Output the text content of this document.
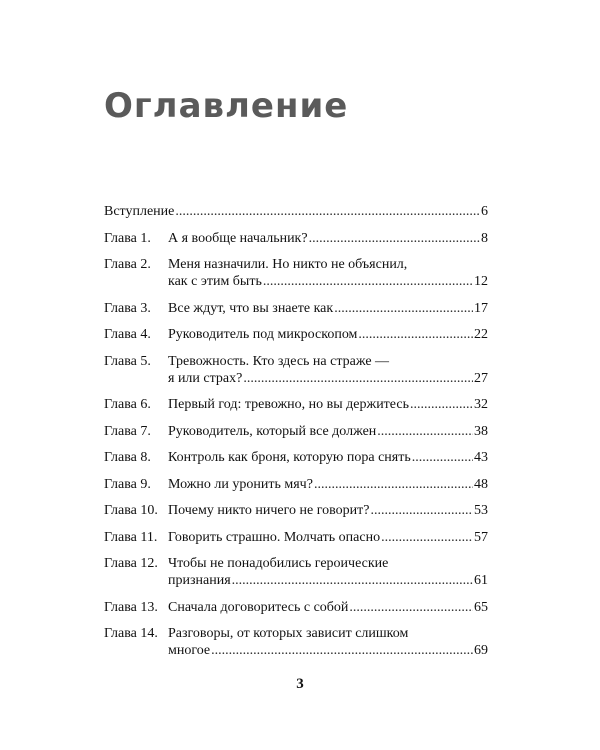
Оглавление
Вступление .....	6
Глава 1.	А я вообще начальник? .....	8
Глава 2.	Меня назначили. Но никто не объяснил,
как с этим быть .....	12
Глава 3.	Все ждут, что вы знаете как .....	17
Глава 4.	Руководитель под микроскопом .....	22
Глава 5.	Тревожность. Кто здесь на страже —
я или страх? .....	27
Глава 6.	Первый год: тревожно, но вы держитесь .....	32
Глава 7.	Руководитель, который все должен .....	38
Глава 8.	Контроль как броня, которую пора снять .....	43
Глава 9.	Можно ли уронить мяч? .....	48
Глава 10. Почему никто ничего не говорит? .....	53
Глава 11. Говорить страшно. Молчать опасно .....	57
Глава 12. Чтобы не понадобились героические
признания .....	61
Глава 13. Сначала договоритесь с собой .....	65
Глава 14. Разговоры, от которых зависит слишком
многое .....	69
3
